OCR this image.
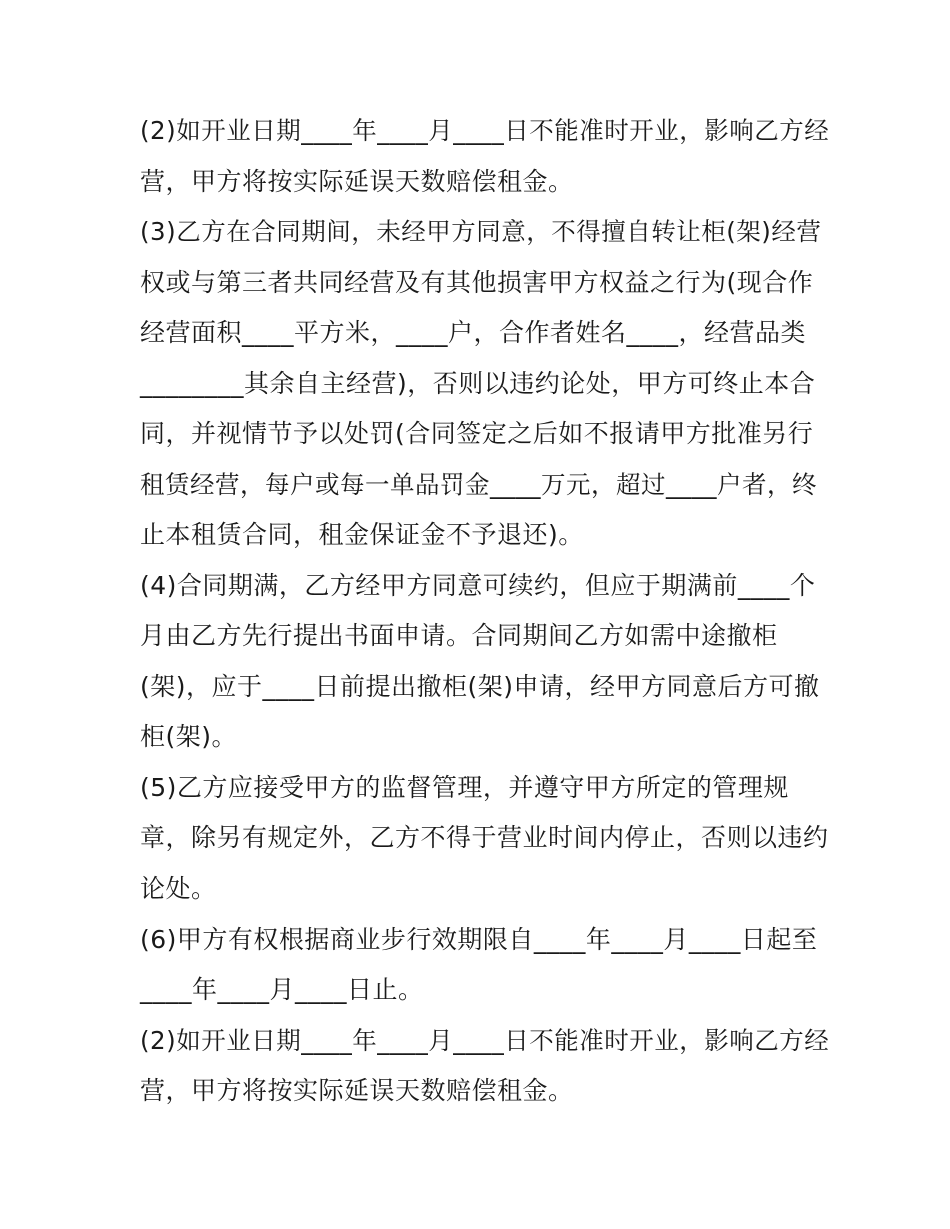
(2)如开业日期____年____月____日不能准时开业，影响乙方经
营，甲方将按实际延误天数赔偿租金。
(3)乙方在合同期间，未经甲方同意，不得擅自转让柜(架)经营
权或与第三者共同经营及有其他损害甲方权益之行为(现合作
经营面积____平方米，____户，合作者姓名____，经营品类
________其余自主经营)，否则以违约论处，甲方可终止本合
同，并视情节予以处罚(合同签定之后如不报请甲方批准另行
租赁经营，每户或每一单品罚金____万元，超过____户者，终
止本租赁合同，租金保证金不予退还)。
(4)合同期满，乙方经甲方同意可续约，但应于期满前____个
月由乙方先行提出书面申请。合同期间乙方如需中途撤柜
(架)，应于____日前提出撤柜(架)申请，经甲方同意后方可撤
柜(架)。
(5)乙方应接受甲方的监督管理，并遵守甲方所定的管理规
章，除另有规定外，乙方不得于营业时间内停止，否则以违约
论处。
(6)甲方有权根据商业步行效期限自____年____月____日起至
____年____月____日止。
(2)如开业日期____年____月____日不能准时开业，影响乙方经
营，甲方将按实际延误天数赔偿租金。
